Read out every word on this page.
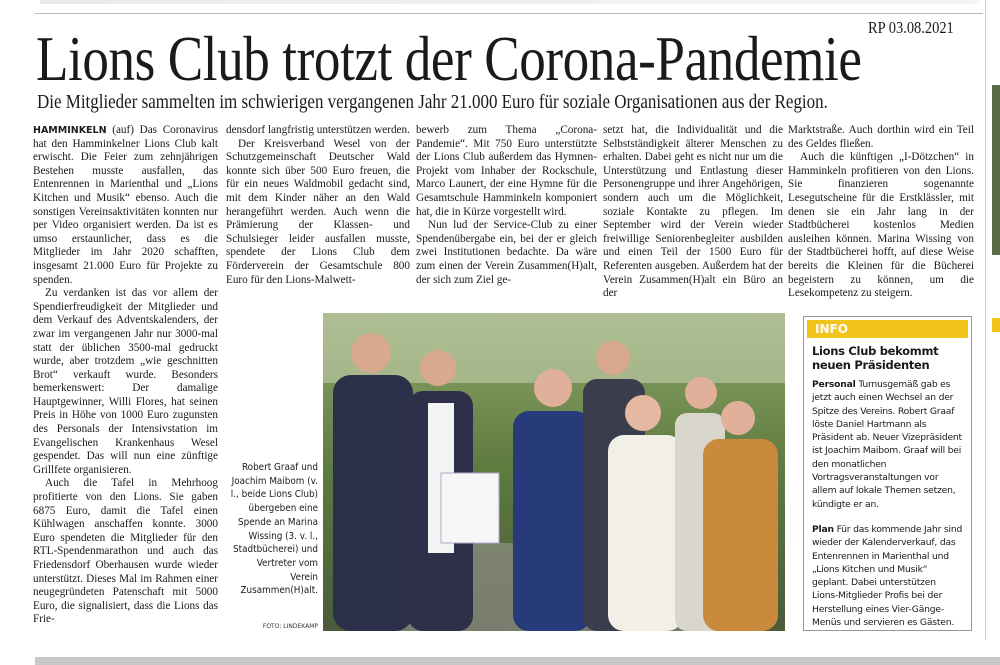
RP 03.08.2021
Lions Club trotzt der Corona-Pandemie
Die Mitglieder sammelten im schwierigen vergangenen Jahr 21.000 Euro für soziale Organisationen aus der Region.

HAMMINKELN (auf) Das Coronavirus hat den Hamminkelner Lions Club kalt erwischt. Die Feier zum zehnjährigen Bestehen musste ausfallen, das Entenrennen in Marienthal und „Lions Kitchen und Musik“ ebenso. Auch die sonstigen Vereinsaktivitäten konnten nur per Video organisiert werden. Da ist es umso erstaunlicher, dass es die Mitglieder im Jahr 2020 schafften, insgesamt 21.000 Euro für Projekte zu spenden.

Zu verdanken ist das vor allem der Spendierfreudigkeit der Mitglieder und dem Verkauf des Adventskalenders, der zwar im vergangenen Jahr nur 3000-mal statt der üblichen 3500-mal gedruckt wurde, aber trotzdem „wie geschnitten Brot“ verkauft wurde. Besonders bemerkenswert: Der damalige Hauptgewinner, Willi Flores, hat seinen Preis in Höhe von 1000 Euro zugunsten des Personals der Intensivstation im Evangelischen Krankenhaus Wesel gespendet. Das will nun eine zünftige Grillfete organisieren.

Auch die Tafel in Mehrhoog profitierte von den Lions. Sie gaben 6875 Euro, damit die Tafel einen Kühlwagen anschaffen konnte. 3000 Euro spendeten die Mitglieder für den RTL-Spendenmarathon und auch das Friedensdorf Oberhausen wurde wieder unterstützt. Dieses Mal im Rahmen einer neugegründeten Patenschaft mit 5000 Euro, die signalisiert, dass die Lions das Frie-

densdorf langfristig unterstützen werden.

Der Kreisverband Wesel von der Schutzgemeinschaft Deutscher Wald konnte sich über 500 Euro freuen, die für ein neues Waldmobil gedacht sind, mit dem Kinder näher an den Wald herangeführt werden. Auch wenn die Prämierung der Klassen- und Schulsieger leider ausfallen musste, spendete der Lions Club dem Förderverein der Gesamtschule 800 Euro für den Lions-Malwett-

bewerb zum Thema „Corona-Pandemie“. Mit 750 Euro unterstützte der Lions Club außerdem das Hymnen-Projekt vom Inhaber der Rockschule, Marco Launert, der eine Hymne für die Gesamtschule Hamminkeln komponiert hat, die in Kürze vorgestellt wird.

Nun lud der Service-Club zu einer Spendenübergabe ein, bei der er gleich zwei Institutionen bedachte. Da wäre zum einen der Verein Zusammen(H)alt, der sich zum Ziel ge-

setzt hat, die Individualität und die Selbstständigkeit älterer Menschen zu erhalten. Dabei geht es nicht nur um die Unterstützung und Entlastung dieser Personengruppe und ihrer Angehörigen, sondern auch um die Möglichkeit, soziale Kontakte zu pflegen. Im September wird der Verein wieder freiwillige Seniorenbegleiter ausbilden und einen Teil der 1500 Euro für Referenten ausgeben. Außerdem hat der Verein Zusammen(H)alt ein Büro an der

Marktstraße. Auch dorthin wird ein Teil des Geldes fließen.

Auch die künftigen „I-Dötzchen“ in Hamminkeln profitieren von den Lions. Sie finanzieren sogenannte Lesegutscheine für die Erstklässler, mit denen sie ein Jahr lang in der Stadtbücherei kostenlos Medien ausleihen können. Marina Wissing von der Stadtbücherei hofft, auf diese Weise bereits die Kleinen für die Bücherei begeistern zu können, um die Lesekompetenz zu steigern.

Robert Graaf und Joachim Maibom (v. l., beide Lions Club) übergeben eine Spende an Marina Wissing (3. v. l., Stadtbücherei) und Vertreter vom Verein Zusammen(H)alt.
FOTO: LINDEKAMP
INFO
Lions Club bekommt neuen Präsidenten

Personal Turnusgemäß gab es jetzt auch einen Wechsel an der Spitze des Vereins. Robert Graaf löste Daniel Hartmann als Präsident ab. Neuer Vizepräsident ist Joachim Maibom. Graaf will bei den monatlichen Vortragsveranstaltungen vor allem auf lokale Themen setzen, kündigte er an.

Plan Für das kommende Jahr sind wieder der Kalenderverkauf, das Entenrennen in Marienthal und „Lions Kitchen und Musik“ geplant. Dabei unterstützen Lions-Mitglieder Profis bei der Herstellung eines Vier-Gänge-Menüs und servieren es Gästen.
